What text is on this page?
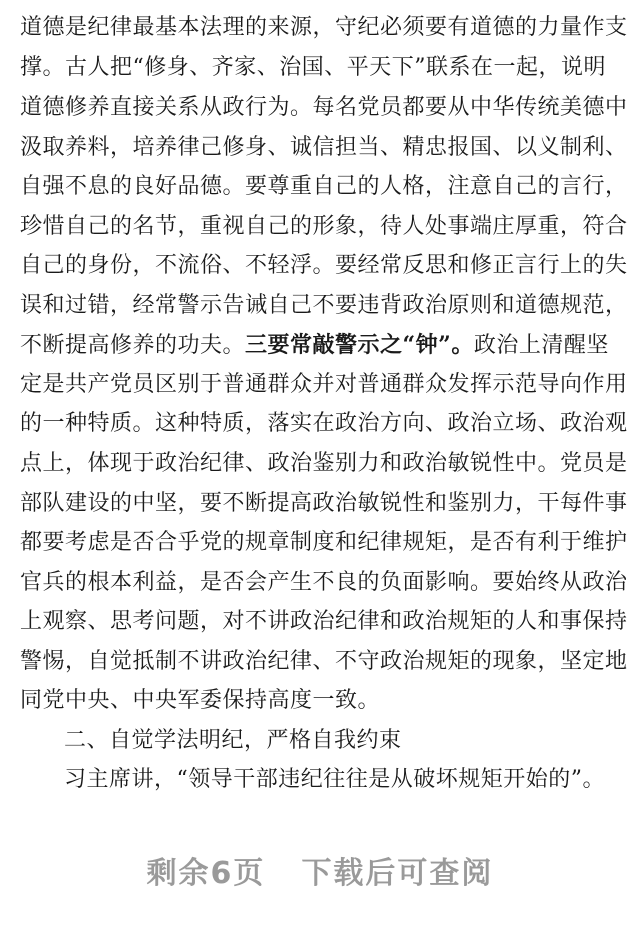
道德是纪律最基本法理的来源，守纪必须要有道德的力量作支
撑。古人把“修身、齐家、治国、平天下”联系在一起，说明
道德修养直接关系从政行为。每名党员都要从中华传统美德中
汲取养料，培养律己修身、诚信担当、精忠报国、以义制利、
自强不息的良好品德。要尊重自己的人格，注意自己的言行，
珍惜自己的名节，重视自己的形象，待人处事端庄厚重，符合
自己的身份，不流俗、不轻浮。要经常反思和修正言行上的失
误和过错，经常警示告诫自己不要违背政治原则和道德规范，
不断提高修养的功夫。三要常敲警示之“钟”。政治上清醒坚
定是共产党员区别于普通群众并对普通群众发挥示范导向作用
的一种特质。这种特质，落实在政治方向、政治立场、政治观
点上，体现于政治纪律、政治鉴别力和政治敏锐性中。党员是
部队建设的中坚，要不断提高政治敏锐性和鉴别力，干每件事
都要考虑是否合乎党的规章制度和纪律规矩，是否有利于维护
官兵的根本利益，是否会产生不良的负面影响。要始终从政治
上观察、思考问题，对不讲政治纪律和政治规矩的人和事保持
警惕，自觉抵制不讲政治纪律、不守政治规矩的现象，坚定地
同党中央、中央军委保持高度一致。
二、自觉学法明纪，严格自我约束
习主席讲，“领导干部违纪往往是从破坏规矩开始的”。
剩余6页 下载后可查阅
